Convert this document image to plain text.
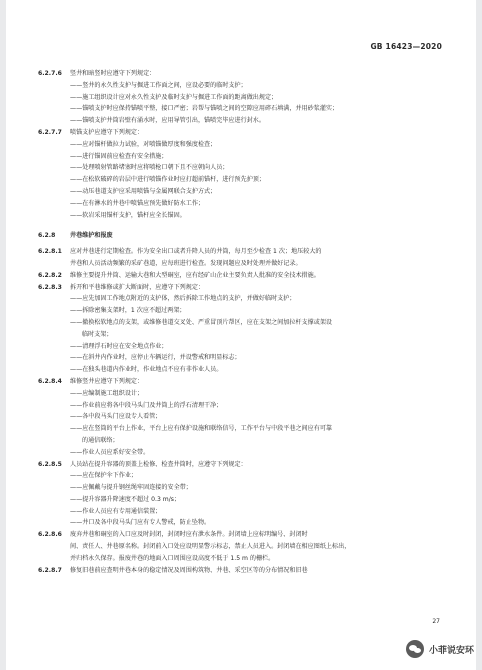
GB 16423—2020
6.2.7.6	竖井和暗竖时应遵守下列规定：
——竖井的永久性支护与掘进工作面之间，应设必要的临时支护；
——施工组织设计应对永久性支护及临时支护与掘进工作面的距离做出规定；
——锚喷支护时应保持锚喷平整，接口严密；岩帮与锚喷之间的空隙应用碎石填满，并用砂浆灌实；
——锚喷支护井筒岩壁有涌水时，应用导管引出，锚喷完毕应进行封水。
6.2.7.7	喷锚支护应遵守下列规定：
——应对锚杆做拉力试验，对喷锚做厚度和强度检查；
——进行锚固前应检查有安全措施；
——处理喷射管路堵塞时应将喷枪口朝下且不应朝向人员；
——在松软破碎的岩层中进行喷锚作业时应打超前锚杆，进行预先护顶；
——动压巷道支护应采用喷锚与金属网联合支护方式；
——在有淋水的井巷中喷锚应预先做好防水工作；
——软岩采用锚杆支护，锚杆应全长锚固。
6.2.8	井巷维护和报废
6.2.8.1	应对井巷进行定期检查。作为安全出口或者升降人员的井筒，每月至少检查 1 次；地压较大的
井巷和人员活动频繁的采矿巷道，应每班进行检查。发现问题应及时处理并做好记录。
6.2.8.2	维修主要提升井筒、运输大巷和大型硐室，应有经矿山企业主要负责人批准的安全技术措施。
6.2.8.3	拆开和平巷维修或扩大断面时，应遵守下列规定：
——应先加固工作地点附近的支护体，然后拆除工作地点的支护，并做好临时支护；
——拆除密集支架时，1 次应不超过两架；
——撤换松软地点的支架，或维修巷道交叉处、严重冒顶片帮区，应在支架之间加拉杆支撑或架设
临时支架；
——清理浮石时应在安全地点作业；
——在斜井内作业时，应停止车辆运行，并设警戒和明显标志；
——在独头巷道内作业时，作业地点不应有非作业人员。
6.2.8.4	维修竖井应遵守下列规定：
——应编制施工组织设计；
——作业前应将各中段马头门及井筒上的浮石清理干净；
——各中段马头门应设专人看管；
——应在竖筒的平台上作业，平台上应有保护设施和联络信号，工作平台与中段平巷之间应有可靠
的通信联络；
——作业人员应系好安全带。
6.2.8.5	人员站在提升容器的顶盖上检修、检查井筒时，应遵守下列规定：
——应在保护伞下作业；
——应佩戴与提升钢丝绳牢固连接的安全带；
——提升容器升降速度不超过 0.3 m/s；
——作业人员应有专用通信装置；
——井口及各中段马头门应有专人警戒，防止坠物。
6.2.8.6	废弃井巷和硐室的入口应及时封闭，封闭时应有泄水条件。封闭墙上应标明编号、封闭时
间、责任人、井巷原名称。封闭前入口处应设明显警示标志，禁止人员进入。封闭墙在相应图纸上标出，
并归档永久保存。报废井巷的地面入口周围应设高度不低于 1.5 m 的栅栏。
6.2.8.7	修复旧巷前应查明井巷本身的稳定情况及周围构筑物、井巷、采空区等的分布情况和旧巷
27
小菲说安环
